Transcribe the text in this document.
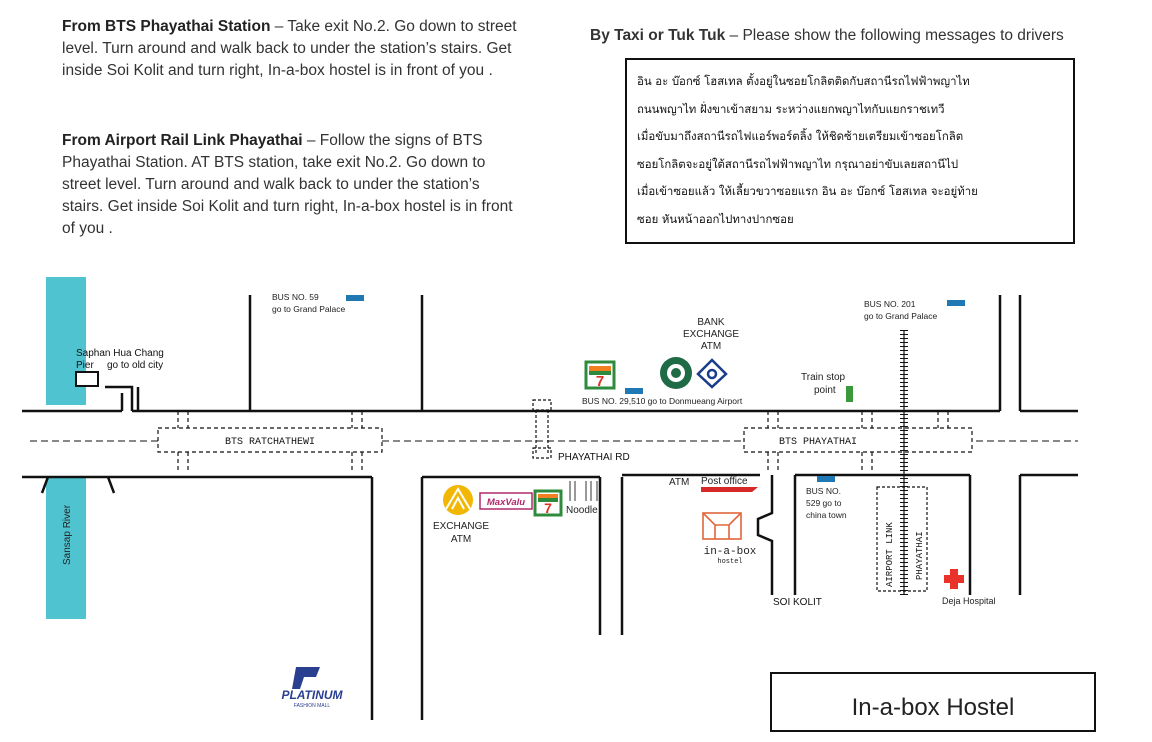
From BTS Phayathai Station – Take exit No.2. Go down to street level. Turn around and walk back to under the station’s stairs. Get inside Soi Kolit and turn right, In-a-box hostel is in front of you .
From Airport Rail Link Phayathai – Follow the signs of BTS Phayathai Station. AT BTS station, take exit No.2. Go down to street level. Turn around and walk back to under the station’s stairs. Get inside Soi Kolit and turn right, In-a-box hostel is in front of you .
By Taxi or Tuk Tuk – Please show the following messages to drivers
อิน อะ บ๊อกซ์ โฮสเทล ตั้งอยู่ในซอยโกลิตติดกับสถานีรถไฟฟ้าพญาไท
ถนนพญาไท ฝั่งขาเข้าสยาม ระหว่างแยกพญาไทกับแยกราชเทวี
เมื่อขับมาถึงสถานีรถไฟแอร์พอร์ตลิ้ง ให้ชิดซ้ายเตรียมเข้าซอยโกลิต
ซอยโกลิตจะอยู่ใต้สถานีรถไฟฟ้าพญาไท กรุณาอย่าขับเลยสถานีไป
เมื่อเข้าซอยแล้ว ให้เลี้ยวขวาซอยแรก อิน อะ บ๊อกซ์ โฮสเทล จะอยู่ท้าย
ซอย หันหน้าออกไปทางปากซอย
Sansap River
BTS RATCHATHEWI	BTS PHAYATHAI
AIRPORT LINK PHAYATHAI
Saphan Hua Chang
Pier go to old city
BUS NO. 59
go to Grand Palace
BUS NO. 29,510 go to Donmueang Airport
BUS NO. 201
go to Grand Palace
BUS NO.
529 go to
china town
7
BANK
EXCHANGE
ATM
Train stop
point
PHAYATHAI RD
EXCHANGE
ATM
MaxValu 7 Noodle
ATM Post office
in-a-box
hostel
SOI KOLIT	Deja Hospital
PLATINUM
FASHION MALL	In-a-box Hostel
